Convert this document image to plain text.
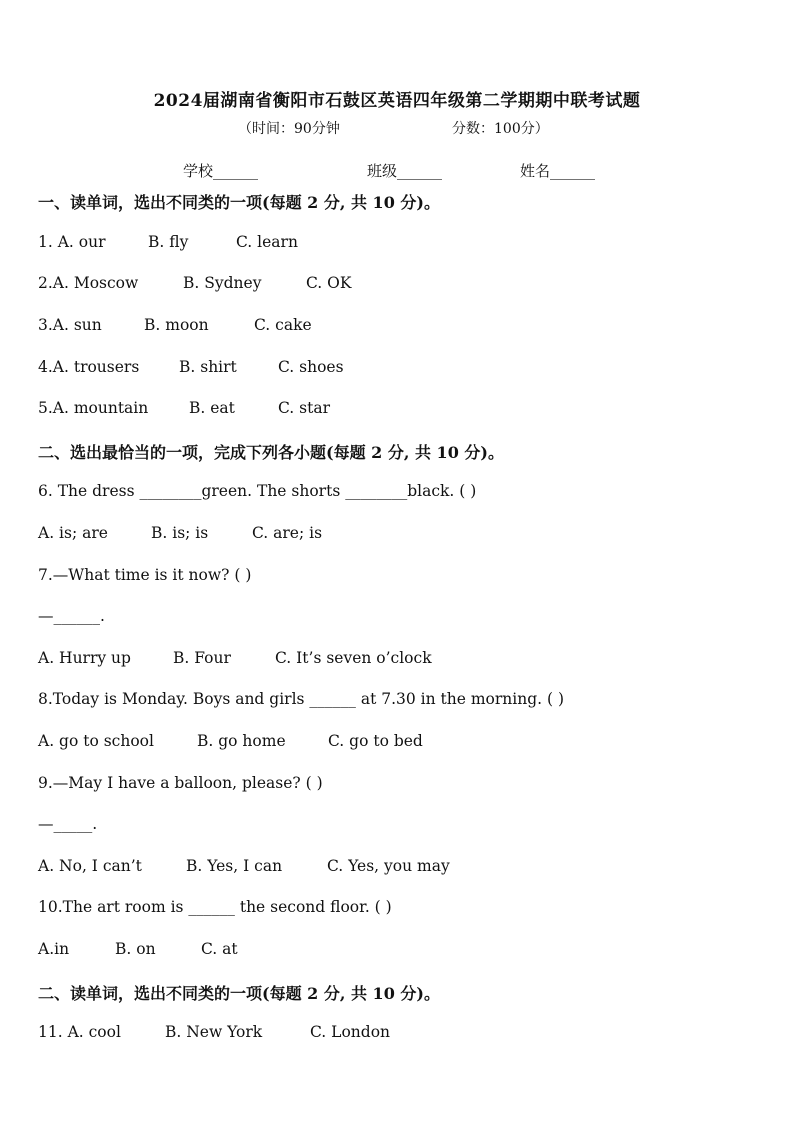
2024届湖南省衡阳市石鼓区英语四年级第二学期期中联考试题
（时间：90分钟	分数：100分）
学校______	班级______	姓名______
一、读单词，选出不同类的一项(每题 2 分, 共 10 分)。
1. A. our	B. fly	C. learn
2.A. Moscow	B. Sydney	C. OK
3.A. sun	B. moon	C. cake
4.A. trousers	B. shirt	C. shoes
5.A. mountain	B. eat	C. star
二、选出最恰当的一项，完成下列各小题(每题 2 分, 共 10 分)。
6. The dress ________green. The shorts ________black. ( )
A. is; are	B. is; is	C. are; is
7.—What time is it now? ( )
—______.
A. Hurry up	B. Four	C. It’s seven o’clock
8.Today is Monday. Boys and girls ______ at 7.30 in the morning. ( )
A. go to school	B. go home	C. go to bed
9.—May I have a balloon, please? ( )
—_____.
A. No, I can’t	B. Yes, I can	C. Yes, you may
10.The art room is ______ the second floor. ( )
A.in	B. on	C. at
二、读单词，选出不同类的一项(每题 2 分, 共 10 分)。
11. A. cool	B. New York	C. London
